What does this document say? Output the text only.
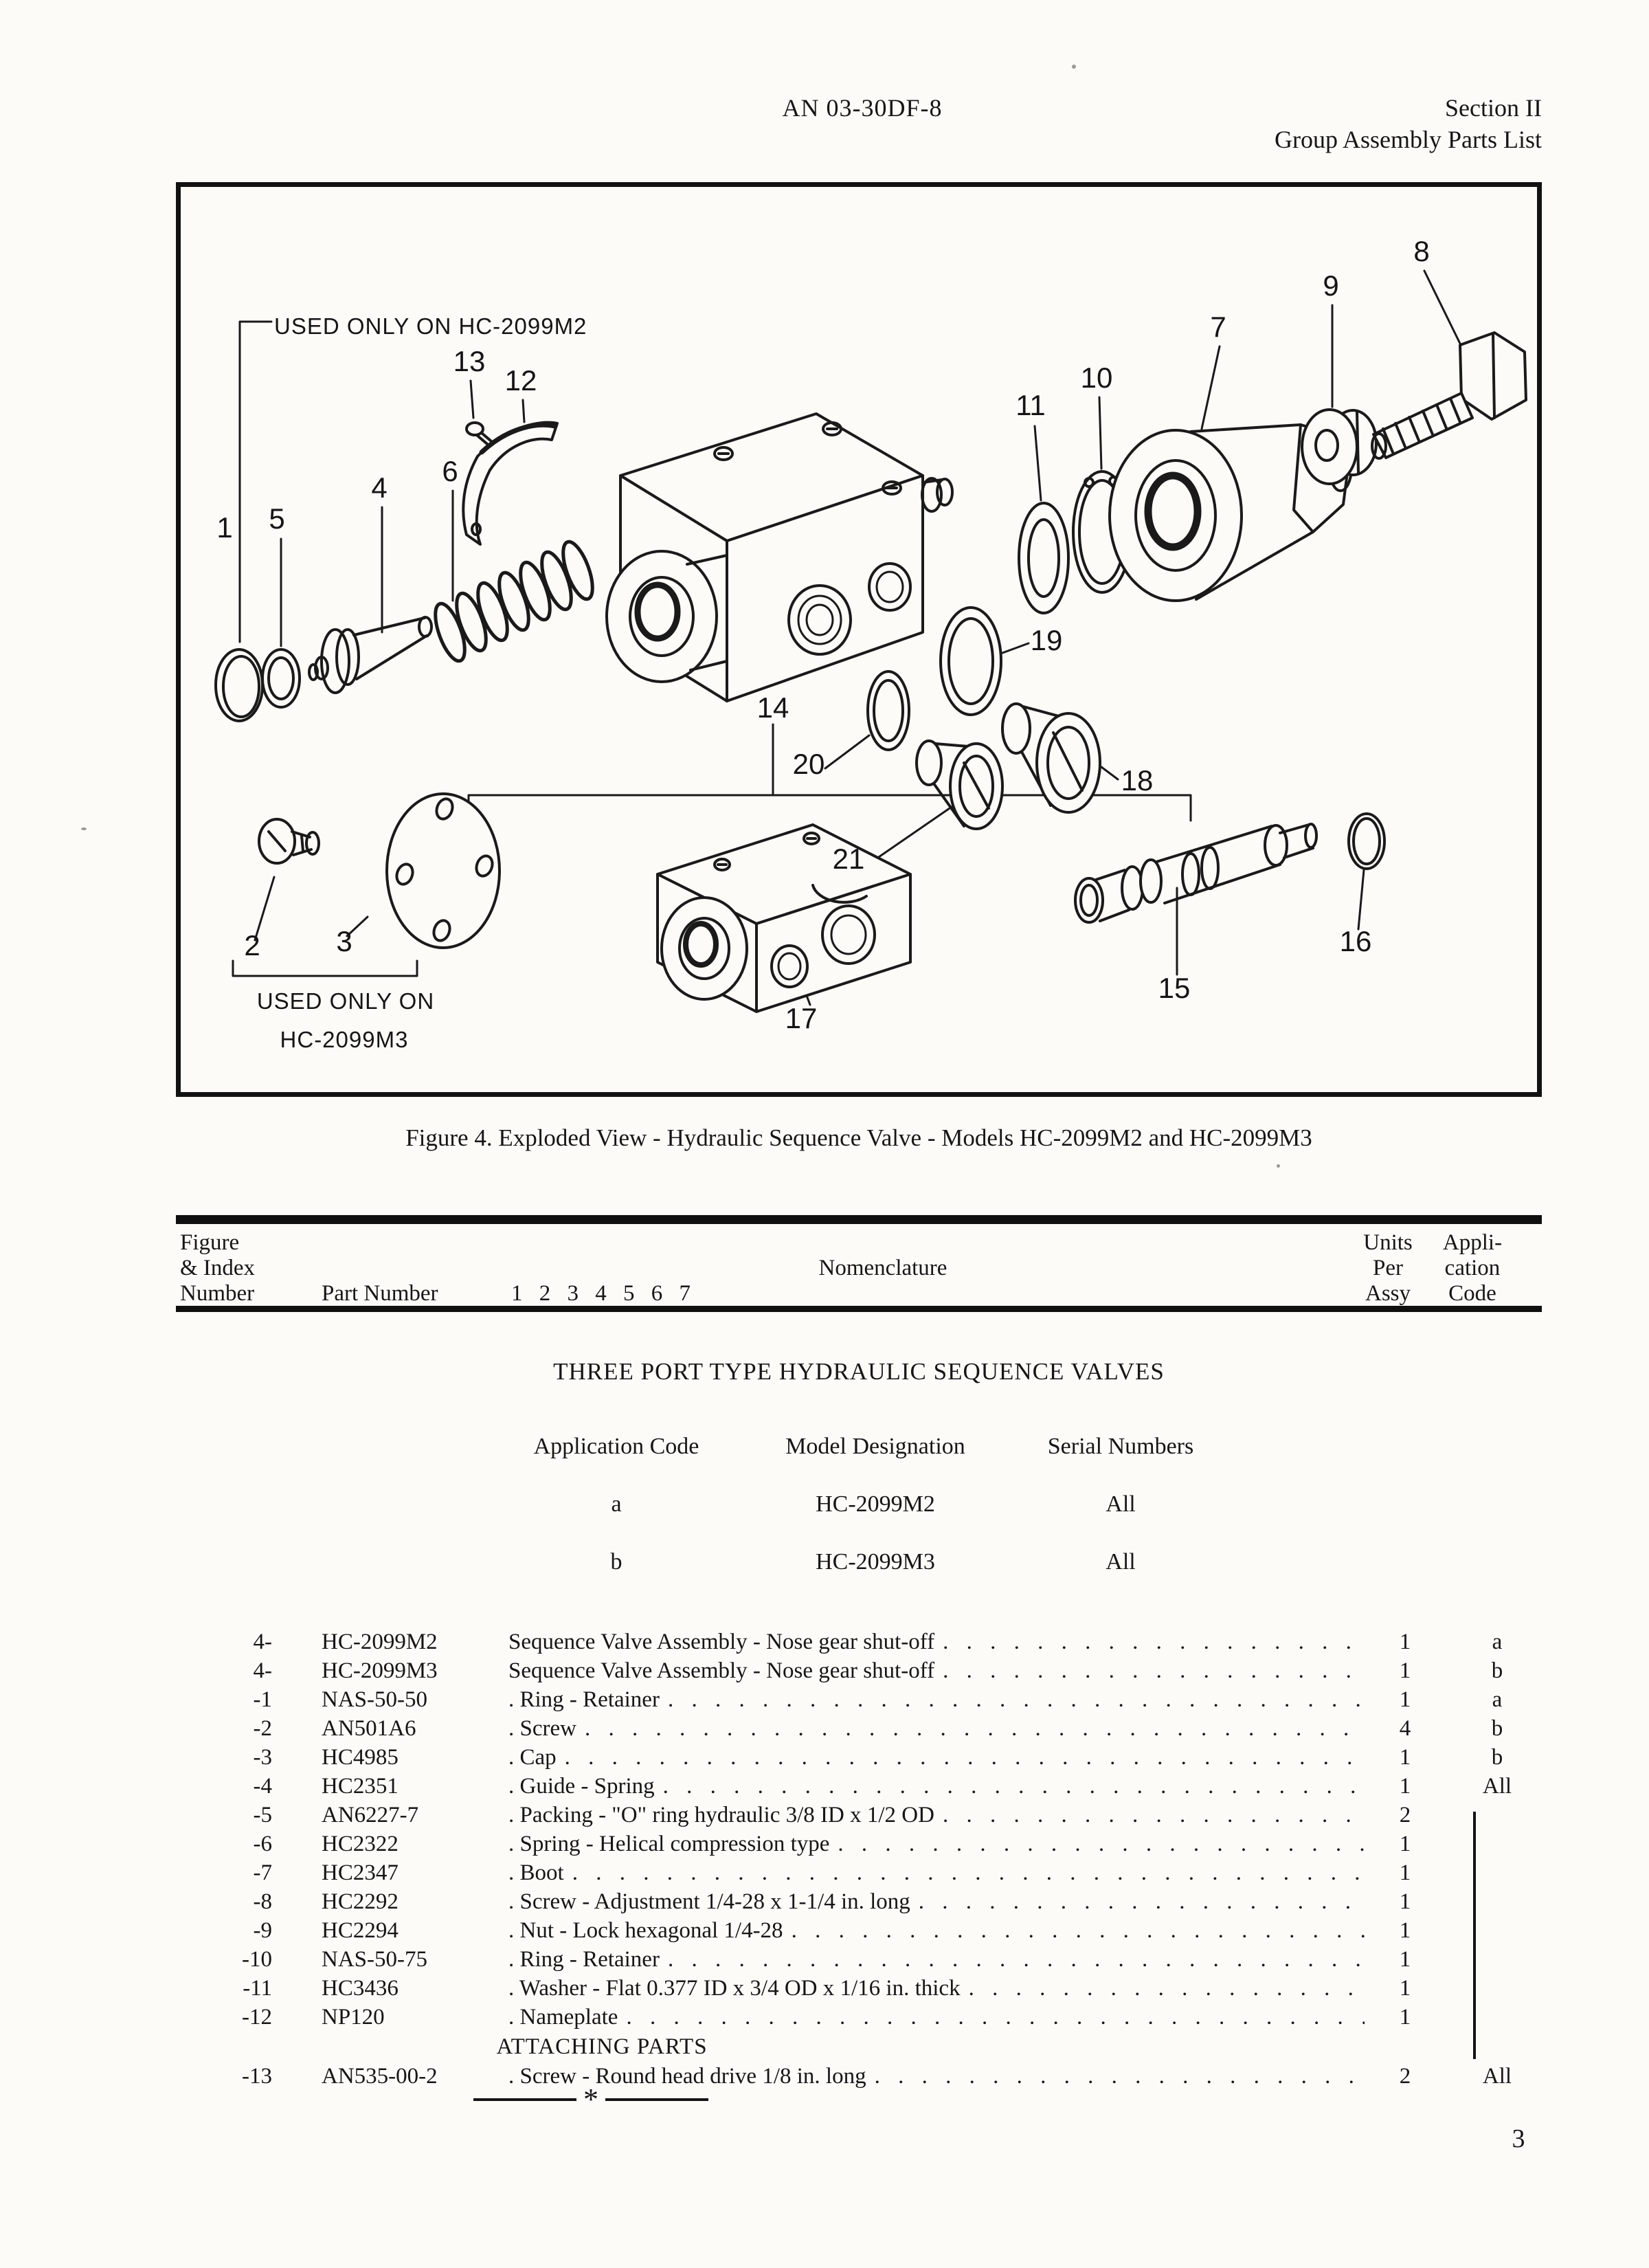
AN 03-30DF-8	Section II
Group Assembly Parts List
1
2	3
4
5
6
7
8
9
10
11
12
13
14
15
16
17
18
19
20
21
USED ONLY ON HC-2099M2
USED ONLY ON
HC-2099M3
Figure 4. Exploded View - Hydraulic Sequence Valve - Models HC-2099M2 and HC-2099M3
Figure
& Index
Number	Part Number	1 2 3 4 5 6 7
Nomenclature
Units
Per
Assy
Appli-
cation
Code
THREE PORT TYPE HYDRAULIC SEQUENCE VALVES
Application Code	Model Designation	Serial Numbers
a	HC-2099M2	All
b	HC-2099M3	All
4- HC-2099M2	Sequence Valve Assembly - Nose gear shut-off . . .	1	a
4- HC-2099M3	Sequence Valve Assembly - Nose gear shut-off . . .	1	b
-1 NAS-50-50	. Ring - Retainer . . .	1	a
-2 AN501A6	. Screw . . .	4	b
-3 HC4985	. Cap . . .	1	b
-4 HC2351	. Guide - Spring . . .	1	All
-5 AN6227-7	. Packing - "O" ring hydraulic 3/8 ID x 1/2 OD . . .	2
-6 HC2322	. Spring - Helical compression type . . .	1
-7 HC2347	. Boot . . .	1
-8 HC2292	. Screw - Adjustment 1/4-28 x 1-1/4 in. long . . .	1
-9 HC2294	. Nut - Lock hexagonal 1/4-28 . . .	1
-10 NAS-50-75	. Ring - Retainer . . .	1
-11 HC3436	. Washer - Flat 0.377 ID x 3/4 OD x 1/16 in. thick . . .	1
-12 NP120	. Nameplate . . .	1
ATTACHING PARTS
-13 AN535-00-2	. Screw - Round head drive 1/8 in. long . . .	2	All
*
3
